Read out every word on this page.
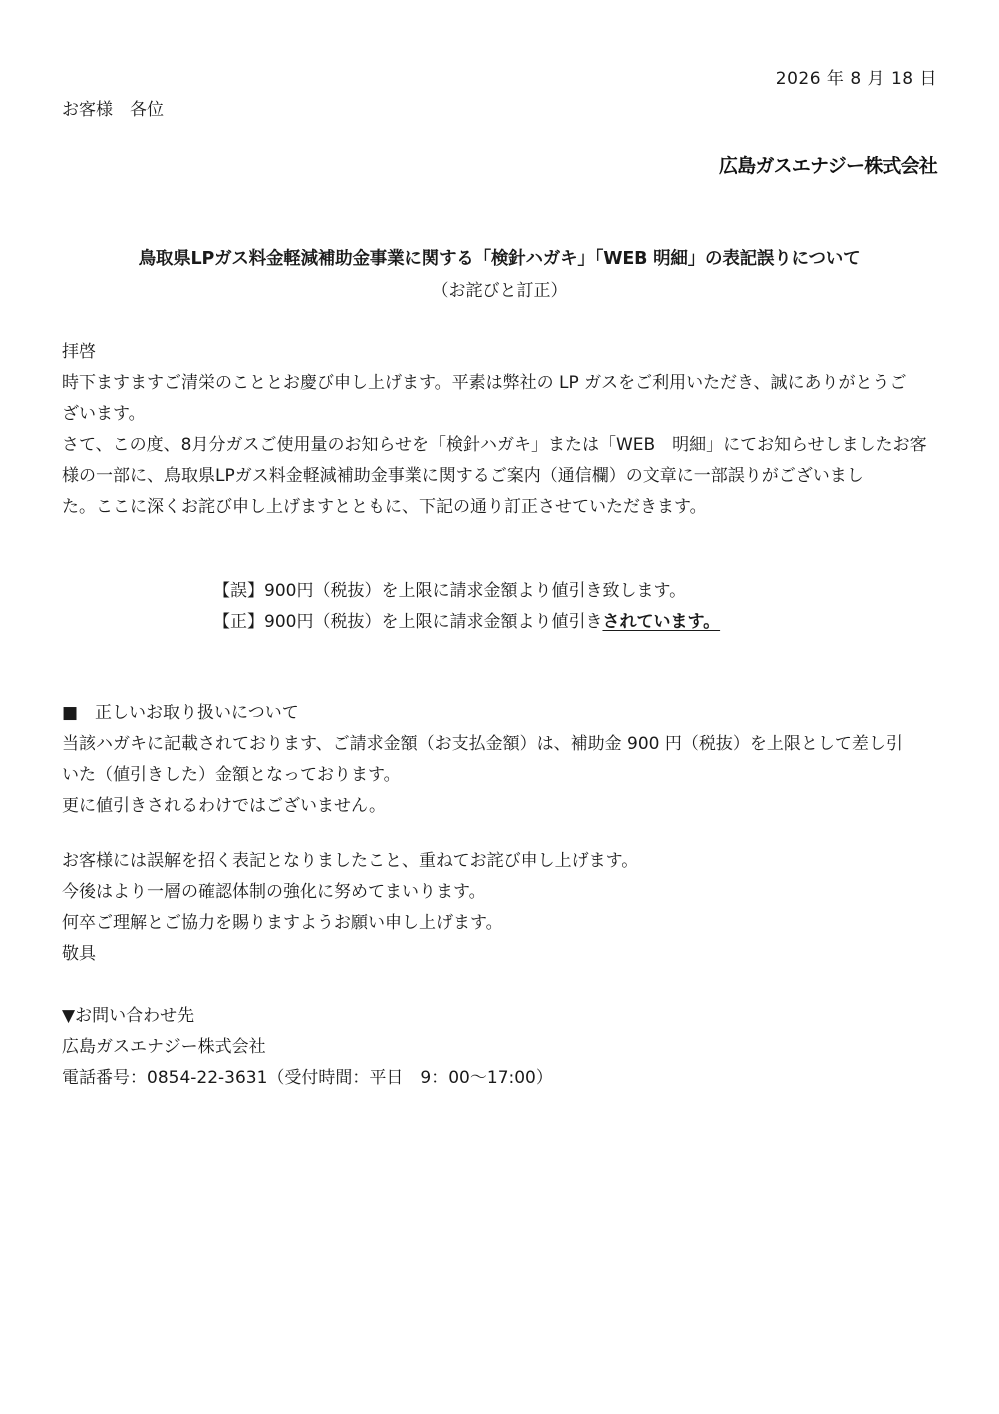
2026 年 8 月 18 日
お客様　各位
広島ガスエナジー株式会社
鳥取県LPガス料金軽減補助金事業に関する「検針ハガキ」「WEB 明細」の表記誤りについて
（お詫びと訂正）
拝啓
時下ますますご清栄のこととお慶び申し上げます。平素は弊社の LP ガスをご利用いただき、誠にありがとうご
ざいます。
さて、この度、8月分ガスご使用量のお知らせを「検針ハガキ」または「WEB　明細」にてお知らせしましたお客
様の一部に、鳥取県LPガス料金軽減補助金事業に関するご案内（通信欄）の文章に一部誤りがございまし
た。ここに深くお詫び申し上げますとともに、下記の通り訂正させていただきます。
【誤】900円（税抜）を上限に請求金額より値引き致します。
【正】900円（税抜）を上限に請求金額より値引きされています。
■　正しいお取り扱いについて
当該ハガキに記載されております、ご請求金額（お支払金額）は、補助金 900 円（税抜）を上限として差し引
いた（値引きした）金額となっております。
更に値引きされるわけではございません。
お客様には誤解を招く表記となりましたこと、重ねてお詫び申し上げます。
今後はより一層の確認体制の強化に努めてまいります。
何卒ご理解とご協力を賜りますようお願い申し上げます。
敬具
▼お問い合わせ先
広島ガスエナジー株式会社
電話番号：0854-22-3631（受付時間：平日　9：00～17:00）
